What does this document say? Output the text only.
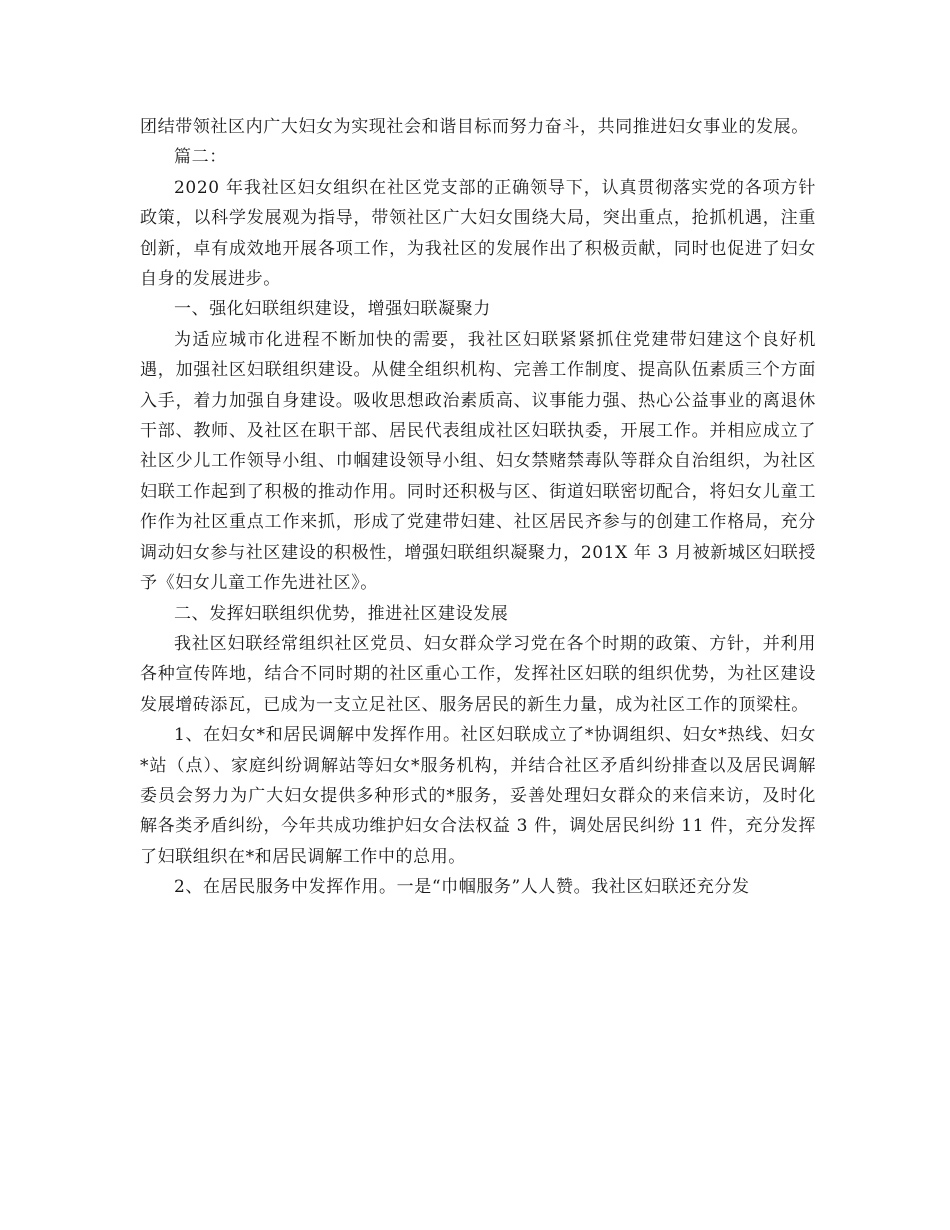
团结带领社区内广大妇女为实现社会和谐目标而努力奋斗，共同推进妇女事业的发展。

篇二：

2020 年我社区妇女组织在社区党支部的正确领导下，认真贯彻落实党的各项方针政策，以科学发展观为指导，带领社区广大妇女围绕大局，突出重点，抢抓机遇，注重创新，卓有成效地开展各项工作，为我社区的发展作出了积极贡献，同时也促进了妇女自身的发展进步。

一、强化妇联组织建设，增强妇联凝聚力

为适应城市化进程不断加快的需要，我社区妇联紧紧抓住党建带妇建这个良好机遇，加强社区妇联组织建设。从健全组织机构、完善工作制度、提高队伍素质三个方面入手，着力加强自身建设。吸收思想政治素质高、议事能力强、热心公益事业的离退休干部、教师、及社区在职干部、居民代表组成社区妇联执委，开展工作。并相应成立了社区少儿工作领导小组、巾帼建设领导小组、妇女禁赌禁毒队等群众自治组织，为社区妇联工作起到了积极的推动作用。同时还积极与区、街道妇联密切配合，将妇女儿童工作作为社区重点工作来抓，形成了党建带妇建、社区居民齐参与的创建工作格局，充分调动妇女参与社区建设的积极性，增强妇联组织凝聚力，201X 年 3 月被新城区妇联授予《妇女儿童工作先进社区》。

二、发挥妇联组织优势，推进社区建设发展

我社区妇联经常组织社区党员、妇女群众学习党在各个时期的政策、方针，并利用各种宣传阵地，结合不同时期的社区重心工作，发挥社区妇联的组织优势，为社区建设发展增砖添瓦，已成为一支立足社区、服务居民的新生力量，成为社区工作的顶梁柱。

1、在妇女*和居民调解中发挥作用。社区妇联成立了*协调组织、妇女*热线、妇女*站（点）、家庭纠纷调解站等妇女*服务机构，并结合社区矛盾纠纷排查以及居民调解委员会努力为广大妇女提供多种形式的*服务，妥善处理妇女群众的来信来访，及时化解各类矛盾纠纷，今年共成功维护妇女合法权益 3 件，调处居民纠纷 11 件，充分发挥了妇联组织在*和居民调解工作中的总用。

2、在居民服务中发挥作用。一是“巾帼服务”人人赞。我社区妇联还充分发
